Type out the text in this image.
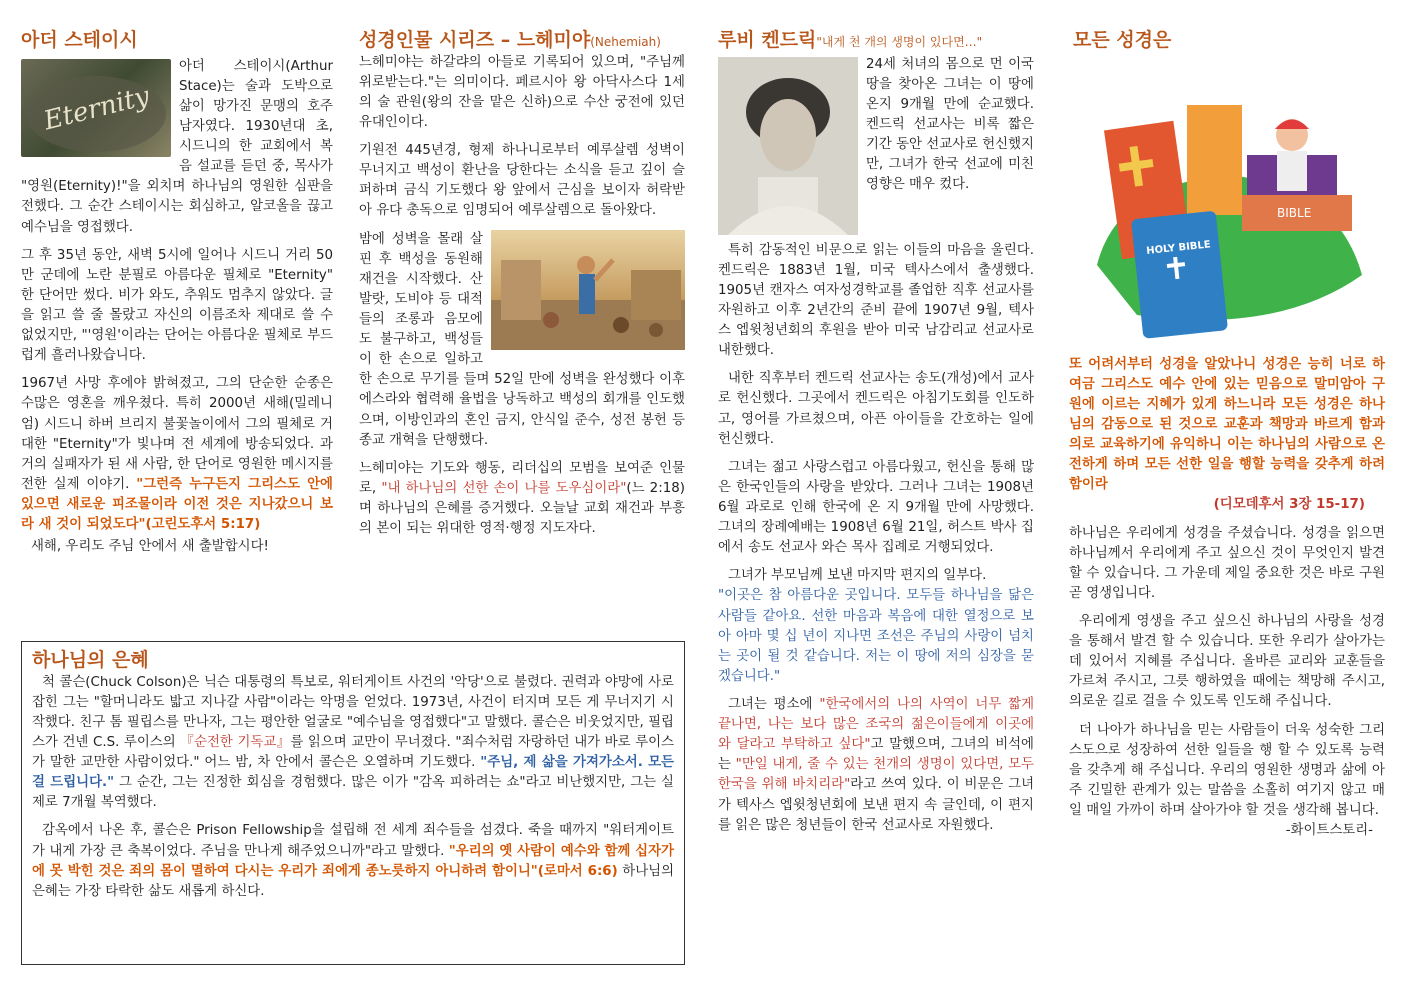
아더 스테이시
Eternity

아더 스테이시(Arthur Stace)는 술과 도박으로 삶이 망가진 문맹의 호주 남자였다. 1930년대 초, 시드니의 한 교회에서 복음 설교를 듣던 중, 목사가 "영원(Eternity)!"을 외치며 하나님의 영원한 심판을 전했다. 그 순간 스테이시는 회심하고, 알코올을 끊고 예수님을 영접했다.

그 후 35년 동안, 새벽 5시에 일어나 시드니 거리 50만 군데에 노란 분필로 아름다운 필체로 "Eternity" 한 단어만 썼다. 비가 와도, 추워도 멈추지 않았다. 글을 읽고 쓸 줄 몰랐고 자신의 이름조차 제대로 쓸 수 없었지만, "'영원'이라는 단어는 아름다운 필체로 부드럽게 흘러나왔습니다.

1967년 사망 후에야 밝혀졌고, 그의 단순한 순종은 수많은 영혼을 깨우쳤다. 특히 2000년 새해(밀레니엄) 시드니 하버 브리지 불꽃놀이에서 그의 필체로 거대한 "Eternity"가 빛나며 전 세계에 방송되었다. 과거의 실패자가 된 새 사람, 한 단어로 영원한 메시지를 전한 실제 이야기. "그런즉 누구든지 그리스도 안에 있으면 새로운 피조물이라 이전 것은 지나갔으니 보라 새 것이 되었도다"(고린도후서 5:17)

새해, 우리도 주님 안에서 새 출발합시다!

성경인물 시리즈 – 느헤미야(Nehemiah)

느헤미야는 하갈랴의 아들로 기록되어 있으며, "주님께 위로받는다."는 의미이다. 페르시아 왕 아닥사스다 1세의 술 관원(왕의 잔을 맡은 신하)으로 수산 궁전에 있던 유대인이다.

기원전 445년경, 형제 하나니로부터 예루살렘 성벽이 무너지고 백성이 환난을 당한다는 소식을 듣고 깊이 슬퍼하며 금식 기도했다 왕 앞에서 근심을 보이자 허락받아 유다 총독으로 임명되어 예루살렘으로 돌아왔다.

밤에 성벽을 몰래 살핀 후 백성을 동원해 재건을 시작했다. 산발랏, 도비야 등 대적들의 조롱과 음모에도 불구하고, 백성들이 한 손으로 일하고 한 손으로 무기를 들며 52일 만에 성벽을 완성했다 이후 에스라와 협력해 율법을 낭독하고 백성의 회개를 인도했으며, 이방인과의 혼인 금지, 안식일 준수, 성전 봉헌 등 종교 개혁을 단행했다.

느헤미야는 기도와 행동, 리더십의 모범을 보여준 인물로, "내 하나님의 선한 손이 나를 도우심이라"(느 2:18)며 하나님의 은혜를 증거했다. 오늘날 교회 재건과 부흥의 본이 되는 위대한 영적·행정 지도자다.

하나님의 은혜

척 콜슨(Chuck Colson)은 닉슨 대통령의 특보로, 워터게이트 사건의 '악당'으로 불렸다. 권력과 야망에 사로잡힌 그는 "할머니라도 밟고 지나갈 사람"이라는 악명을 얻었다. 1973년, 사건이 터지며 모든 게 무너지기 시작했다. 친구 톰 필립스를 만나자, 그는 평안한 얼굴로 "예수님을 영접했다"고 말했다. 콜슨은 비웃었지만, 필립스가 건넨 C.S. 루이스의 『순전한 기독교』를 읽으며 교만이 무너졌다. "죄수처럼 자랑하던 내가 바로 루이스가 말한 교만한 사람이었다." 어느 밤, 차 안에서 콜슨은 오열하며 기도했다. "주님, 제 삶을 가져가소서. 모든 걸 드립니다." 그 순간, 그는 진정한 회심을 경험했다. 많은 이가 "감옥 피하려는 쇼"라고 비난했지만, 그는 실제로 7개월 복역했다.

감옥에서 나온 후, 콜슨은 Prison Fellowship을 설립해 전 세계 죄수들을 섬겼다. 죽을 때까지 "워터게이트가 내게 가장 큰 축복이었다. 주님을 만나게 해주었으니까"라고 말했다. "우리의 옛 사람이 예수와 함께 십자가에 못 박힌 것은 죄의 몸이 멸하여 다시는 우리가 죄에게 종노릇하지 아니하려 함이니"(로마서 6:6) 하나님의 은혜는 가장 타락한 삶도 새롭게 하신다.

루비 켄드릭"내게 천 개의 생명이 있다면…"

24세 처녀의 몸으로 먼 이국땅을 찾아온 그녀는 이 땅에 온지 9개월 만에 순교했다. 켄드릭 선교사는 비록 짧은 기간 동안 선교사로 헌신했지만, 그녀가 한국 선교에 미친 영향은 매우 컸다.

특히 감동적인 비문으로 읽는 이들의 마음을 울린다. 켄드릭은 1883년 1월, 미국 텍사스에서 출생했다. 1905년 캔자스 여자성경학교를 졸업한 직후 선교사를 자원하고 이후 2년간의 준비 끝에 1907년 9월, 텍사스 엡윗청년회의 후원을 받아 미국 남감리교 선교사로 내한했다.

내한 직후부터 켄드릭 선교사는 송도(개성)에서 교사로 헌신했다. 그곳에서 켄드릭은 아침기도회를 인도하고, 영어를 가르쳤으며, 아픈 아이들을 간호하는 일에 헌신했다.

그녀는 젊고 사랑스럽고 아름다웠고, 헌신을 통해 많은 한국인들의 사랑을 받았다. 그러나 그녀는 1908년 6월 과로로 인해 한국에 온 지 9개월 만에 사망했다. 그녀의 장례예배는 1908년 6월 21일, 허스트 박사 집에서 송도 선교사 와슨 목사 집례로 거행되었다.

그녀가 부모님께 보낸 마지막 편지의 일부다.

"이곳은 참 아름다운 곳입니다. 모두들 하나님을 닮은 사람들 같아요. 선한 마음과 복음에 대한 열정으로 보아 아마 몇 십 년이 지나면 조선은 주님의 사랑이 넘치는 곳이 될 것 같습니다. 저는 이 땅에 저의 심장을 묻겠습니다."

그녀는 평소에 "한국에서의 나의 사역이 너무 짧게 끝나면, 나는 보다 많은 조국의 젊은이들에게 이곳에 와 달라고 부탁하고 싶다"고 말했으며, 그녀의 비석에는 "만일 내게, 줄 수 있는 천개의 생명이 있다면, 모두 한국을 위해 바치리라"라고 쓰여 있다. 이 비문은 그녀가 텍사스 엡윗청년회에 보낸 편지 속 글인데, 이 편지를 읽은 많은 청년들이 한국 선교사로 자원했다.

모든 성경은
BIBLE
HOLY BIBLE

또 어려서부터 성경을 알았나니 성경은 능히 너로 하여금 그리스도 예수 안에 있는 믿음으로 말미암아 구원에 이르는 지혜가 있게 하느니라 모든 성경은 하나님의 감동으로 된 것으로 교훈과 책망과 바르게 함과 의로 교육하기에 유익하니 이는 하나님의 사람으로 온전하게 하며 모든 선한 일을 행할 능력을 갖추게 하려 함이라

(디모데후서 3장 15-17)

하나님은 우리에게 성경을 주셨습니다. 성경을 읽으면 하나님께서 우리에게 주고 싶으신 것이 무엇인지 발견 할 수 있습니다. 그 가운데 제일 중요한 것은 바로 구원 곧 영생입니다.

우리에게 영생을 주고 싶으신 하나님의 사랑을 성경을 통해서 발견 할 수 있습니다. 또한 우리가 살아가는데 있어서 지혜를 주십니다. 올바른 교리와 교훈들을 가르쳐 주시고, 그릇 행하였을 때에는 책망해 주시고, 의로운 길로 걸을 수 있도록 인도해 주십니다.

더 나아가 하나님을 믿는 사람들이 더욱 성숙한 그리스도으로 성장하여 선한 일들을 행 할 수 있도록 능력을 갖추게 해 주십니다. 우리의 영원한 생명과 삶에 아주 긴밀한 관계가 있는 말씀을 소홀히 여기지 않고 매일 매일 가까이 하며 살아가야 할 것을 생각해 봅니다.

-화이트스토리-
